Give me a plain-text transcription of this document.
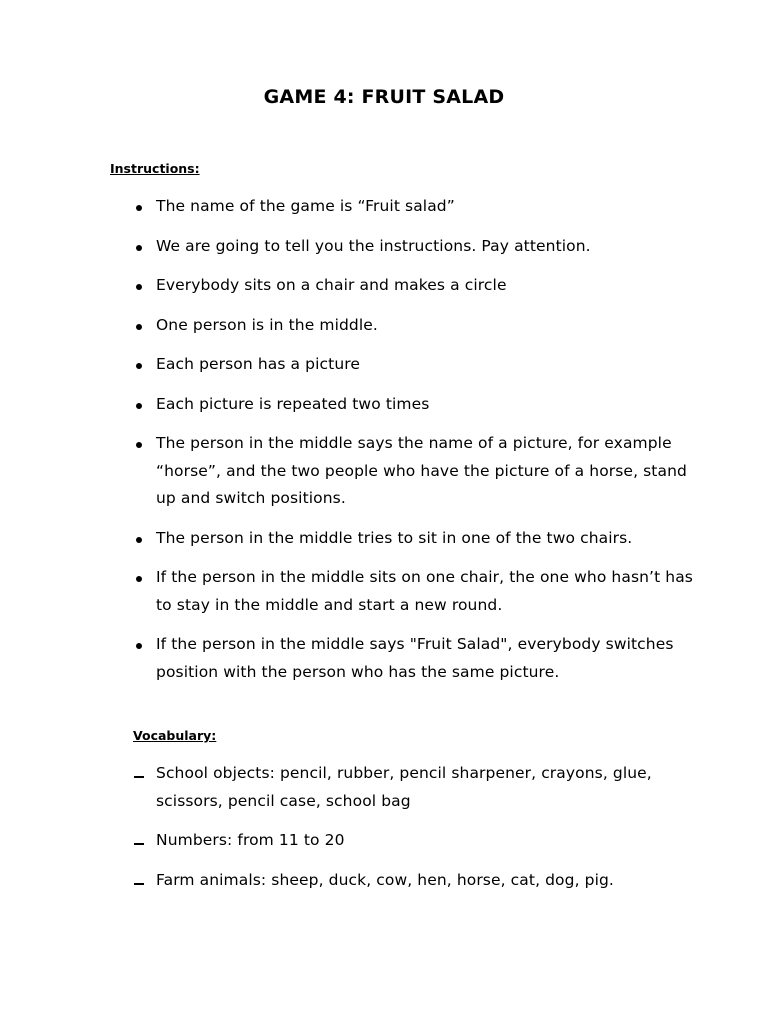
GAME 4: FRUIT SALAD
Instructions:
The name of the game is “Fruit salad”
We are going to tell you the instructions. Pay attention.
Everybody sits on a chair and makes a circle
One person is in the middle.
Each person has a picture
Each picture is repeated two times
The person in the middle says the name of a picture, for example “horse”, and the two people who have the picture of a horse, stand up and switch positions.
The person in the middle tries to sit in one of the two chairs.
If the person in the middle sits on one chair, the one who hasn’t has to stay in the middle and start a new round.
If the person in the middle says "Fruit Salad", everybody switches position with the person who has the same picture.
Vocabulary:
School objects: pencil, rubber, pencil sharpener, crayons, glue, scissors, pencil case, school bag
Numbers: from 11 to 20
Farm animals: sheep, duck, cow, hen, horse, cat, dog, pig.
